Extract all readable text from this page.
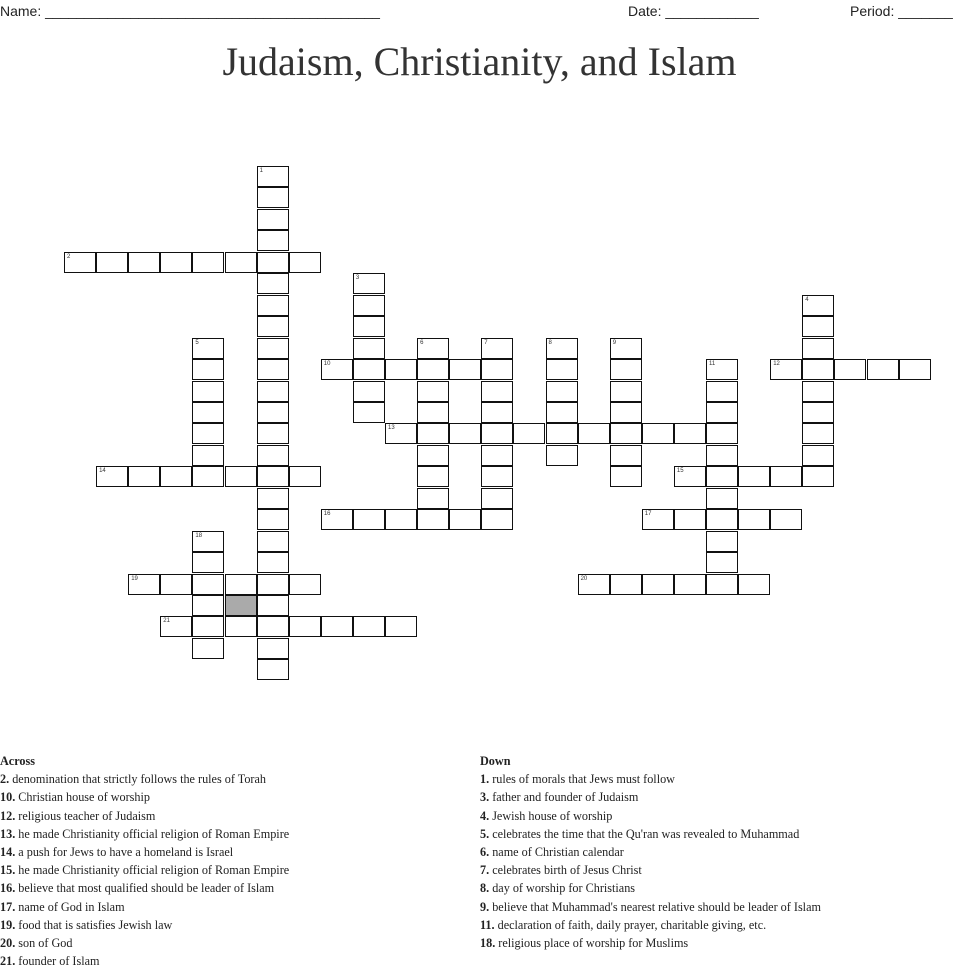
Name: ___________________________________________	Date: ____________	Period: _______
Judaism, Christianity, and Islam
1
2
3
4
5	6	7	8	9
10	11	12
13
14	15
16	17
18
19	20
21
Across
2. denomination that strictly follows the rules of Torah
10. Christian house of worship
12. religious teacher of Judaism
13. he made Christianity official religion of Roman Empire
14. a push for Jews to have a homeland is Israel
15. he made Christianity official religion of Roman Empire
16. believe that most qualified should be leader of Islam
17. name of God in Islam
19. food that is satisfies Jewish law
20. son of God
21. founder of Islam
Down
1. rules of morals that Jews must follow
3. father and founder of Judaism
4. Jewish house of worship
5. celebrates the time that the Qu'ran was revealed to Muhammad
6. name of Christian calendar
7. celebrates birth of Jesus Christ
8. day of worship for Christians
9. believe that Muhammad's nearest relative should be leader of Islam
11. declaration of faith, daily prayer, charitable giving, etc.
18. religious place of worship for Muslims
